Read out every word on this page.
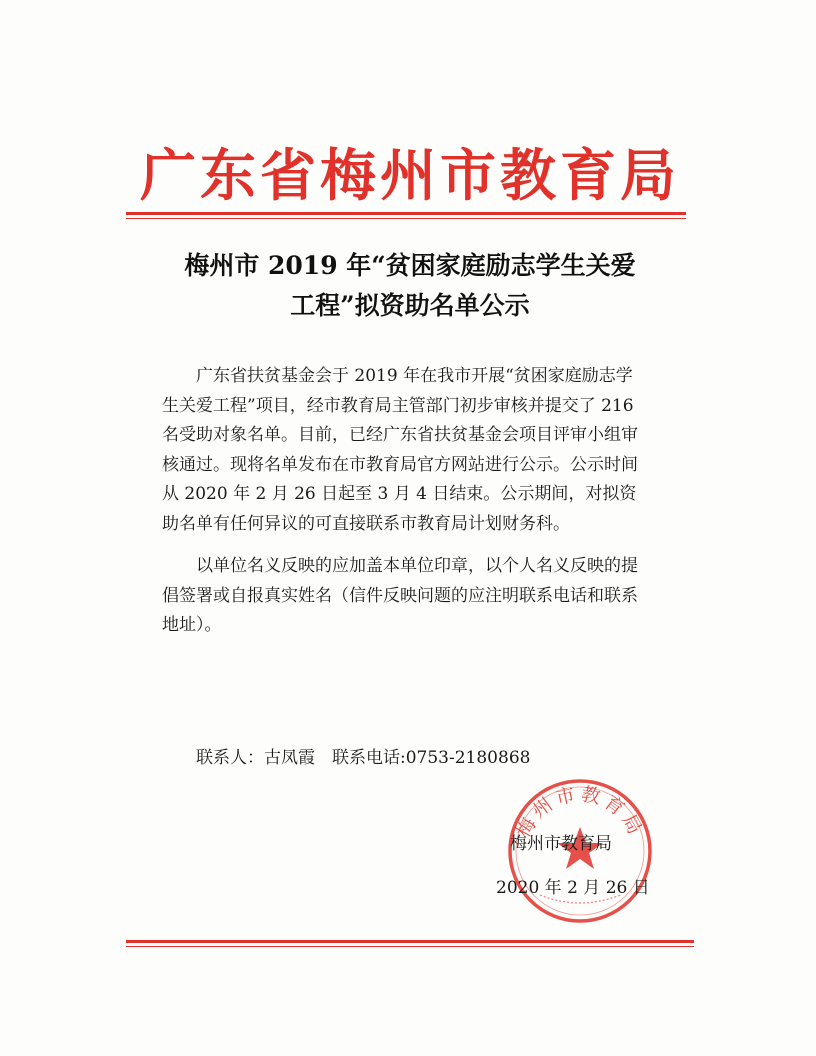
广东省梅州市教育局
梅州市 2019 年“贫困家庭励志学生关爱
工程”拟资助名单公示

广东省扶贫基金会于 2019 年在我市开展“贫困家庭励志学生关爱工程”项目，经市教育局主管部门初步审核并提交了 216 名受助对象名单。目前，已经广东省扶贫基金会项目评审小组审核通过。现将名单发布在市教育局官方网站进行公示。公示时间从 2020 年 2 月 26 日起至 3 月 4 日结束。公示期间，对拟资助名单有任何异议的可直接联系市教育局计划财务科。

以单位名义反映的应加盖本单位印章，以个人名义反映的提倡签署或自报真实姓名（信件反映问题的应注明联系电话和联系地址）。

联系人：古凤霞　联系电话:0753-2180868
梅州市教育局
梅州市教育局
2020 年 2 月 26 日
